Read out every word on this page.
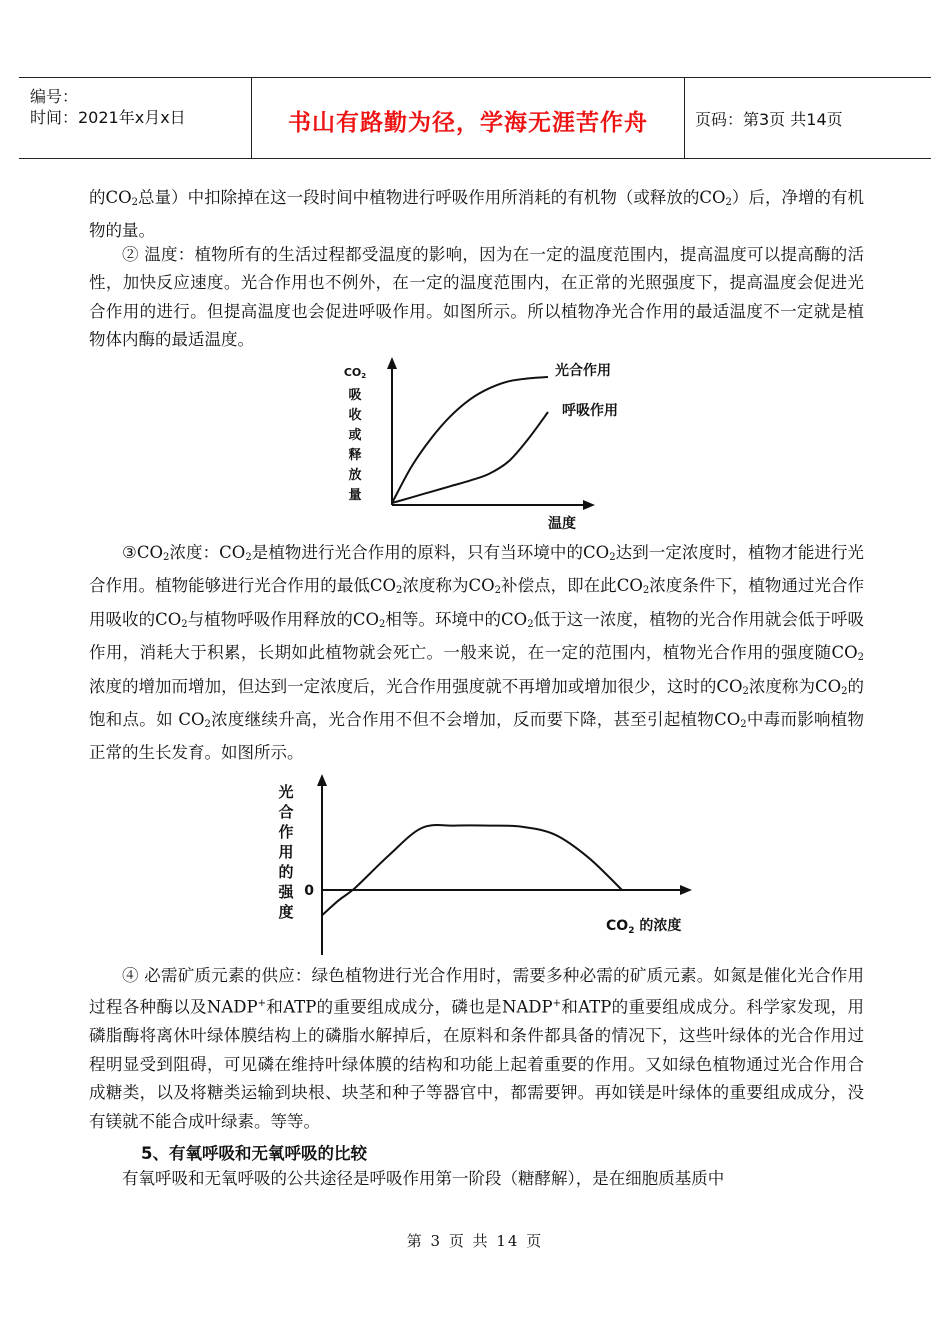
编号：
时间：2021年x月x日	书山有路勤为径，学海无涯苦作舟	页码：第3页 共14页

的$CO_2$总量）中扣除掉在这一段时间中植物进行呼吸作用所消耗的有机物（或释放的$CO_2$）后，净增的有机物的量。

② 温度：植物所有的生活过程都受温度的影响，因为在一定的温度范围内，提高温度可以提高酶的活性，加快反应速度。光合作用也不例外，在一定的温度范围内，在正常的光照强度下，提高温度会促进光合作用的进行。但提高温度也会促进呼吸作用。如图所示。所以植物净光合作用的最适温度不一定就是植物体内酶的最适温度。

CO2
吸
收
或
释
放
量
光合作用
呼吸作用
温度

$③CO_2$浓度：$CO_2$是植物进行光合作用的原料，只有当环境中的$CO_2$达到一定浓度时，植物才能进行光合作用。植物能够进行光合作用的最低$CO_2$浓度称为$CO_2$补偿点，即在此$CO_2$浓度条件下，植物通过光合作用吸收的$CO_2$与植物呼吸作用释放的$CO_2$相等。环境中的$CO_2$低于这一浓度，植物的光合作用就会低于呼吸作用，消耗大于积累，长期如此植物就会死亡。一般来说，在一定的范围内，植物光合作用的强度随$CO_2$浓度的增加而增加，但达到一定浓度后，光合作用强度就不再增加或增加很少，这时的$CO_2$浓度称为$CO_2$的饱和点。如 $CO_2$浓度继续升高，光合作用不但不会增加，反而要下降，甚至引起植物$CO_2$中毒而影响植物正常的生长发育。如图所示。

光
合
作
用
的
强
度
0
$CO_2$ 的浓度

④ 必需矿质元素的供应：绿色植物进行光合作用时，需要多种必需的矿质元素。如氮是催化光合作用过程各种酶以及NADP+和ATP的重要组成成分，磷也是NADP+和ATP的重要组成成分。科学家发现，用磷脂酶将离休叶绿体膜结构上的磷脂水解掉后，在原料和条件都具备的情况下，这些叶绿体的光合作用过程明显受到阻碍，可见磷在维持叶绿体膜的结构和功能上起着重要的作用。又如绿色植物通过光合作用合成糖类，以及将糖类运输到块根、块茎和种子等器官中，都需要钾。再如镁是叶绿体的重要组成成分，没有镁就不能合成叶绿素。等等。

5、有氧呼吸和无氧呼吸的比较

有氧呼吸和无氧呼吸的公共途径是呼吸作用第一阶段（糖酵解），是在细胞质基质中

第 3 页 共 14 页
